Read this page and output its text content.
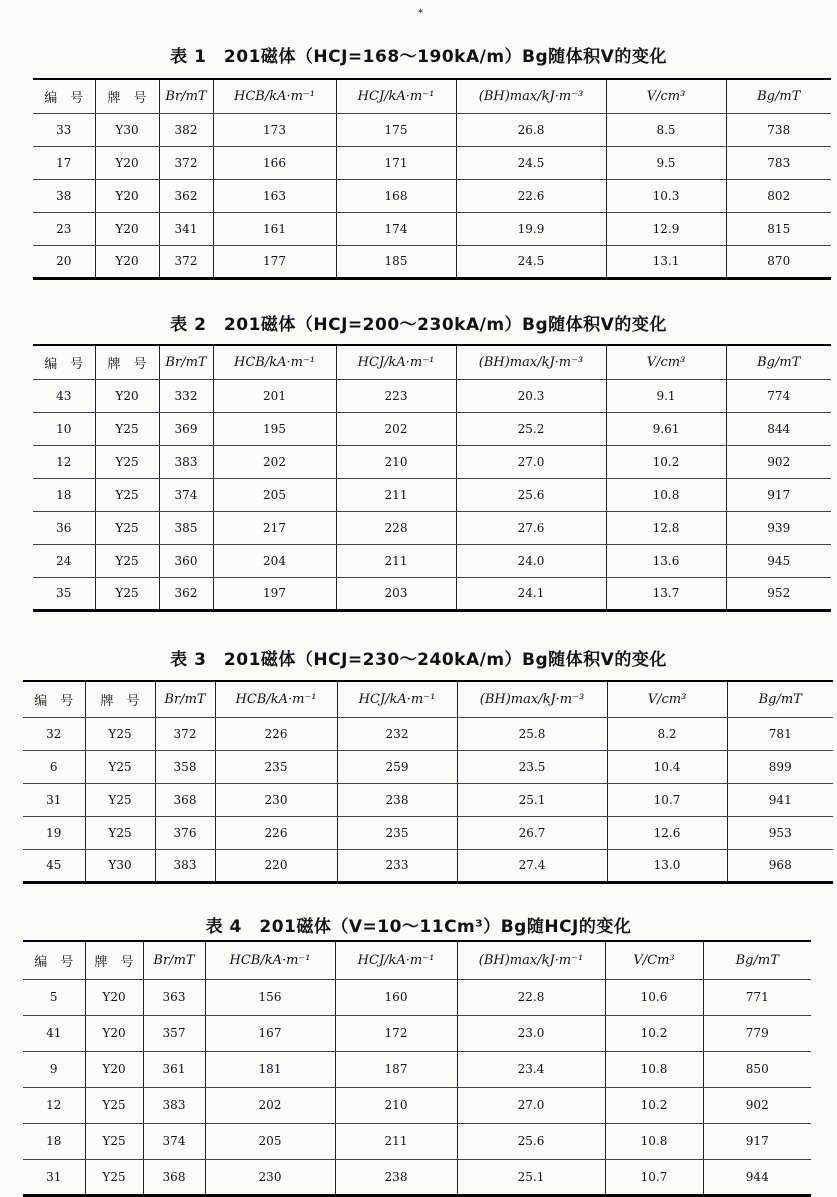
*
表 1　201磁体（HCJ=168～190kA/m）Bg随体积V的变化
编　号	牌　号	Br/mT	HCB/kA·m⁻¹	HCJ/kA·m⁻¹	(BH)max/kJ·m⁻³	V/cm³	Bg/mT
33	Y30	382	173	175	26.8	8.5	738
17	Y20	372	166	171	24.5	9.5	783
38	Y20	362	163	168	22.6	10.3	802
23	Y20	341	161	174	19.9	12.9	815
20	Y20	372	177	185	24.5	13.1	870
表 2　201磁体（HCJ=200～230kA/m）Bg随体积V的变化
编　号	牌　号	Br/mT	HCB/kA·m⁻¹	HCJ/kA·m⁻¹	(BH)max/kJ·m⁻³	V/cm³	Bg/mT
43	Y20	332	201	223	20.3	9.1	774
10	Y25	369	195	202	25.2	9.61	844
12	Y25	383	202	210	27.0	10.2	902
18	Y25	374	205	211	25.6	10.8	917
36	Y25	385	217	228	27.6	12.8	939
24	Y25	360	204	211	24.0	13.6	945
35	Y25	362	197	203	24.1	13.7	952
表 3　201磁体（HCJ=230～240kA/m）Bg随体积V的变化
编　号	牌　号	Br/mT	HCB/kA·m⁻¹	HCJ/kA·m⁻¹	(BH)max/kJ·m⁻³	V/cm³	Bg/mT
32	Y25	372	226	232	25.8	8.2	781
6	Y25	358	235	259	23.5	10.4	899
31	Y25	368	230	238	25.1	10.7	941
19	Y25	376	226	235	26.7	12.6	953
45	Y30	383	220	233	27.4	13.0	968
表 4　201磁体（V=10～11Cm³）Bg随HCJ的变化
编　号	牌　号	Br/mT	HCB/kA·m⁻¹	HCJ/kA·m⁻¹	(BH)max/kJ·m⁻¹	V/Cm³	Bg/mT
5	Y20	363	156	160	22.8	10.6	771
41	Y20	357	167	172	23.0	10.2	779
9	Y20	361	181	187	23.4	10.8	850
12	Y25	383	202	210	27.0	10.2	902
18	Y25	374	205	211	25.6	10.8	917
31	Y25	368	230	238	25.1	10.7	944
